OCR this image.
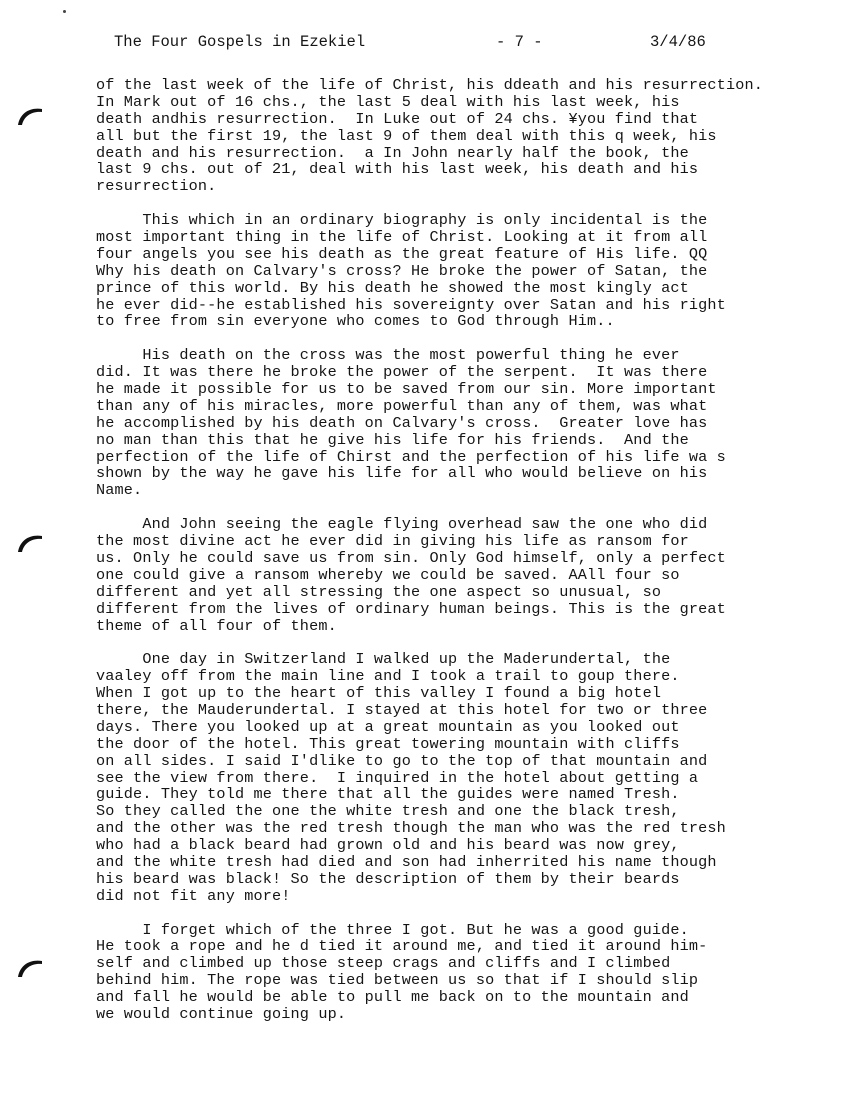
The Four Gospels in Ezekiel

	- 7 -

	3/4/86

of the last week of the life of Christ, his ddeath and his resurrection.
In Mark out of 16 chs., the last 5 deal with his last week, his
death andhis resurrection.  In Luke out of 24 chs. ¥you find that
all but the first 19, the last 9 of them deal with this q week, his
death and his resurrection.  a In John nearly half the book, the
last 9 chs. out of 21, deal with his last week, his death and his
resurrection.
This which in an ordinary biography is only incidental is the
most important thing in the life of Christ. Looking at it from all
four angels you see his death as the great feature of His life. QQ
Why his death on Calvary's cross? He broke the power of Satan, the
prince of this world. By his death he showed the most kingly act
he ever did--he established his sovereignty over Satan and his right
to free from sin everyone who comes to God through Him..
His death on the cross was the most powerful thing he ever
did. It was there he broke the power of the serpent.  It was there
he made it possible for us to be saved from our sin. More important
than any of his miracles, more powerful than any of them, was what
he accomplished by his death on Calvary's cross.  Greater love has
no man than this that he give his life for his friends.  And the
perfection of the life of Chirst and the perfection of his life wa s
shown by the way he gave his life for all who would believe on his
Name.
And John seeing the eagle flying overhead saw the one who did
the most divine act he ever did in giving his life as ransom for
us. Only he could save us from sin. Only God himself, only a perfect
one could give a ransom whereby we could be saved. AAll four so
different and yet all stressing the one aspect so unusual, so
different from the lives of ordinary human beings. This is the great
theme of all four of them.
One day in Switzerland I walked up the Maderundertal, the
vaaley off from the main line and I took a trail to goup there.
When I got up to the heart of this valley I found a big hotel
there, the Mauderundertal. I stayed at this hotel for two or three
days. There you looked up at a great mountain as you looked out
the door of the hotel. This great towering mountain with cliffs
on all sides. I said I'dlike to go to the top of that mountain and
see the view from there.  I inquired in the hotel about getting a
guide. They told me there that all the guides were named Tresh.
So they called the one the white tresh and one the black tresh,
and the other was the red tresh though the man who was the red tresh
who had a black beard had grown old and his beard was now grey,
and the white tresh had died and son had inherrited his name though
his beard was black! So the description of them by their beards
did not fit any more!
I forget which of the three I got. But he was a good guide.
He took a rope and he d tied it around me, and tied it around him-
self and climbed up those steep crags and cliffs and I climbed
behind him. The rope was tied between us so that if I should slip
and fall he would be able to pull me back on to the mountain and
we would continue going up.
